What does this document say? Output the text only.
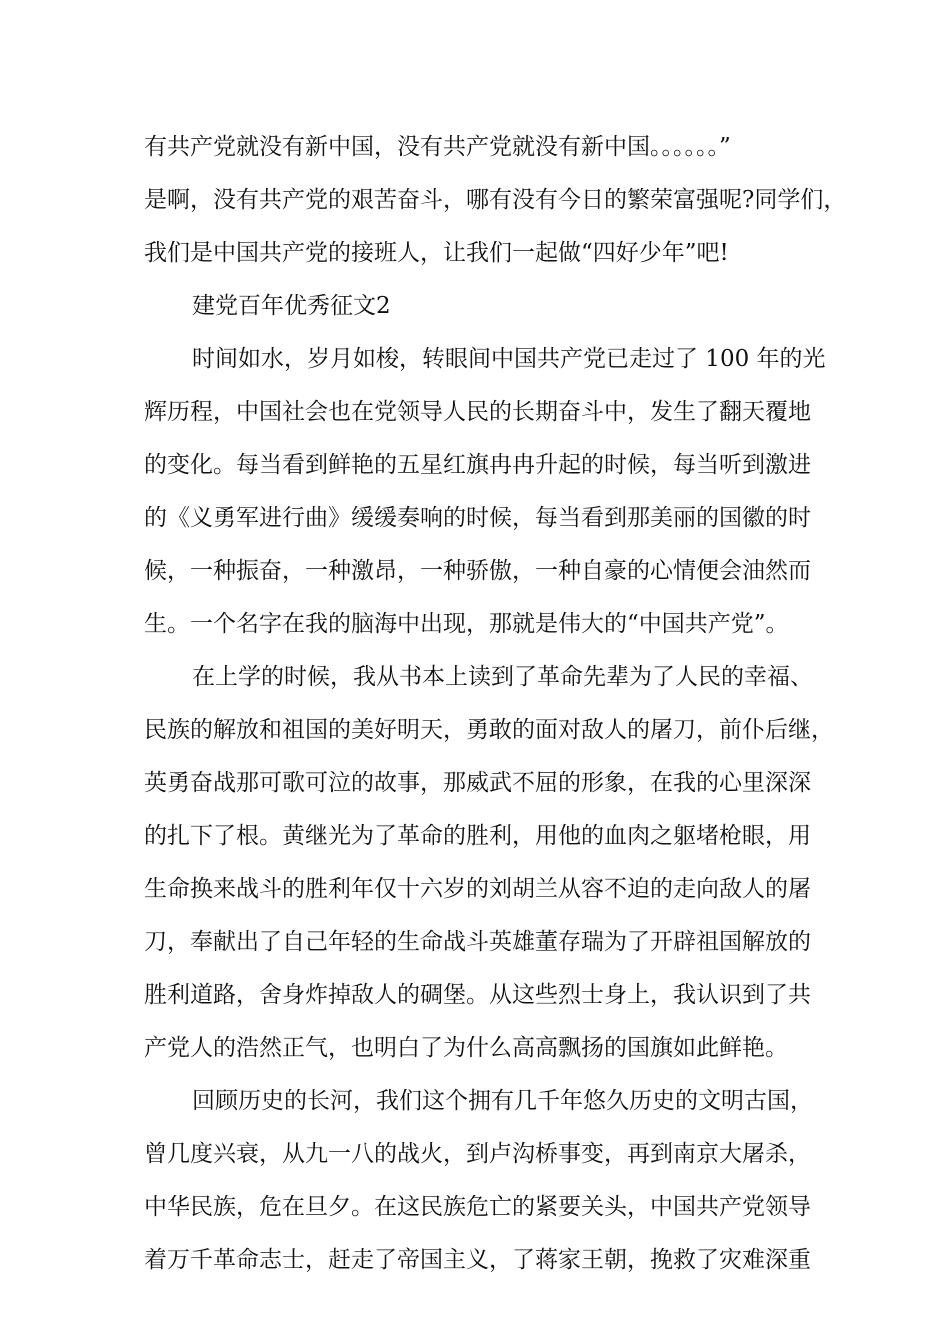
有共产党就没有新中国，没有共产党就没有新中国。。。。。。”
是啊，没有共产党的艰苦奋斗，哪有没有今日的繁荣富强呢?同学们，
我们是中国共产党的接班人，让我们一起做“四好少年”吧!
建党百年优秀征文2
时间如水，岁月如梭，转眼间中国共产党已走过了 100 年的光
辉历程，中国社会也在党领导人民的长期奋斗中，发生了翻天覆地
的变化。每当看到鲜艳的五星红旗冉冉升起的时候，每当听到激进
的《义勇军进行曲》缓缓奏响的时候，每当看到那美丽的国徽的时
候，一种振奋，一种激昂，一种骄傲，一种自豪的心情便会油然而
生。一个名字在我的脑海中出现，那就是伟大的“中国共产党”。
在上学的时候，我从书本上读到了革命先辈为了人民的幸福、
民族的解放和祖国的美好明天，勇敢的面对敌人的屠刀，前仆后继，
英勇奋战那可歌可泣的故事，那威武不屈的形象，在我的心里深深
的扎下了根。黄继光为了革命的胜利，用他的血肉之躯堵枪眼，用
生命换来战斗的胜利年仅十六岁的刘胡兰从容不迫的走向敌人的屠
刀，奉献出了自己年轻的生命战斗英雄董存瑞为了开辟祖国解放的
胜利道路，舍身炸掉敌人的碉堡。从这些烈士身上，我认识到了共
产党人的浩然正气，也明白了为什么高高飘扬的国旗如此鲜艳。
回顾历史的长河，我们这个拥有几千年悠久历史的文明古国，
曾几度兴衰，从九一八的战火，到卢沟桥事变，再到南京大屠杀，
中华民族，危在旦夕。在这民族危亡的紧要关头，中国共产党领导
着万千革命志士，赶走了帝国主义，了蒋家王朝，挽救了灾难深重
